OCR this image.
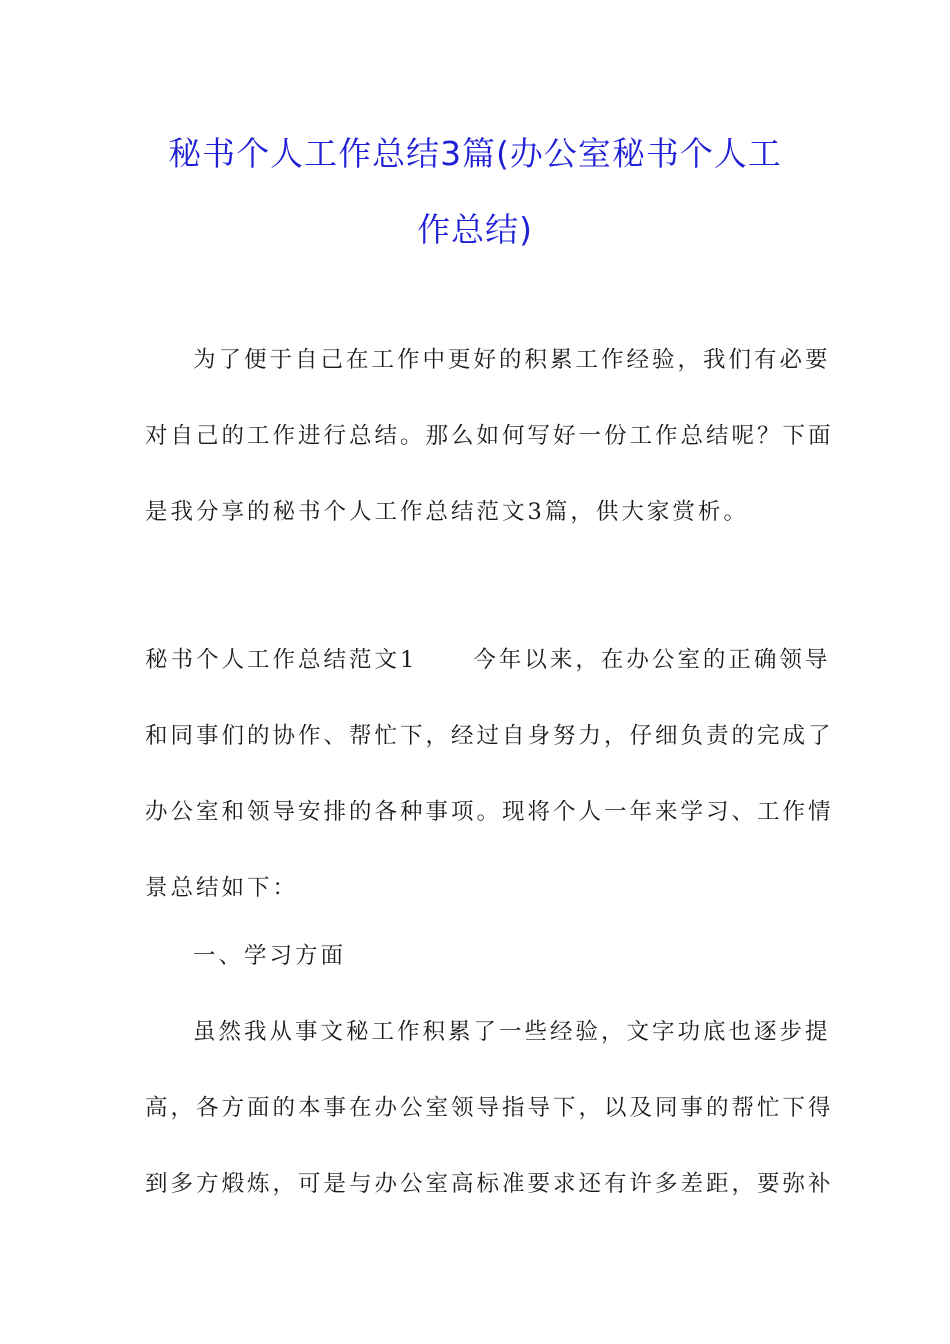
秘书个人工作总结3篇(办公室秘书个人工
作总结)
为了便于自己在工作中更好的积累工作经验，我们有必要
对自己的工作进行总结。那么如何写好一份工作总结呢？下面
是我分享的秘书个人工作总结范文3篇，供大家赏析。
秘书个人工作总结范文1 今年以来，在办公室的正确领导
和同事们的协作、帮忙下，经过自身努力，仔细负责的完成了
办公室和领导安排的各种事项。现将个人一年来学习、工作情
景总结如下：
一、学习方面
虽然我从事文秘工作积累了一些经验，文字功底也逐步提
高，各方面的本事在办公室领导指导下，以及同事的帮忙下得
到多方煅炼，可是与办公室高标准要求还有许多差距，要弥补
